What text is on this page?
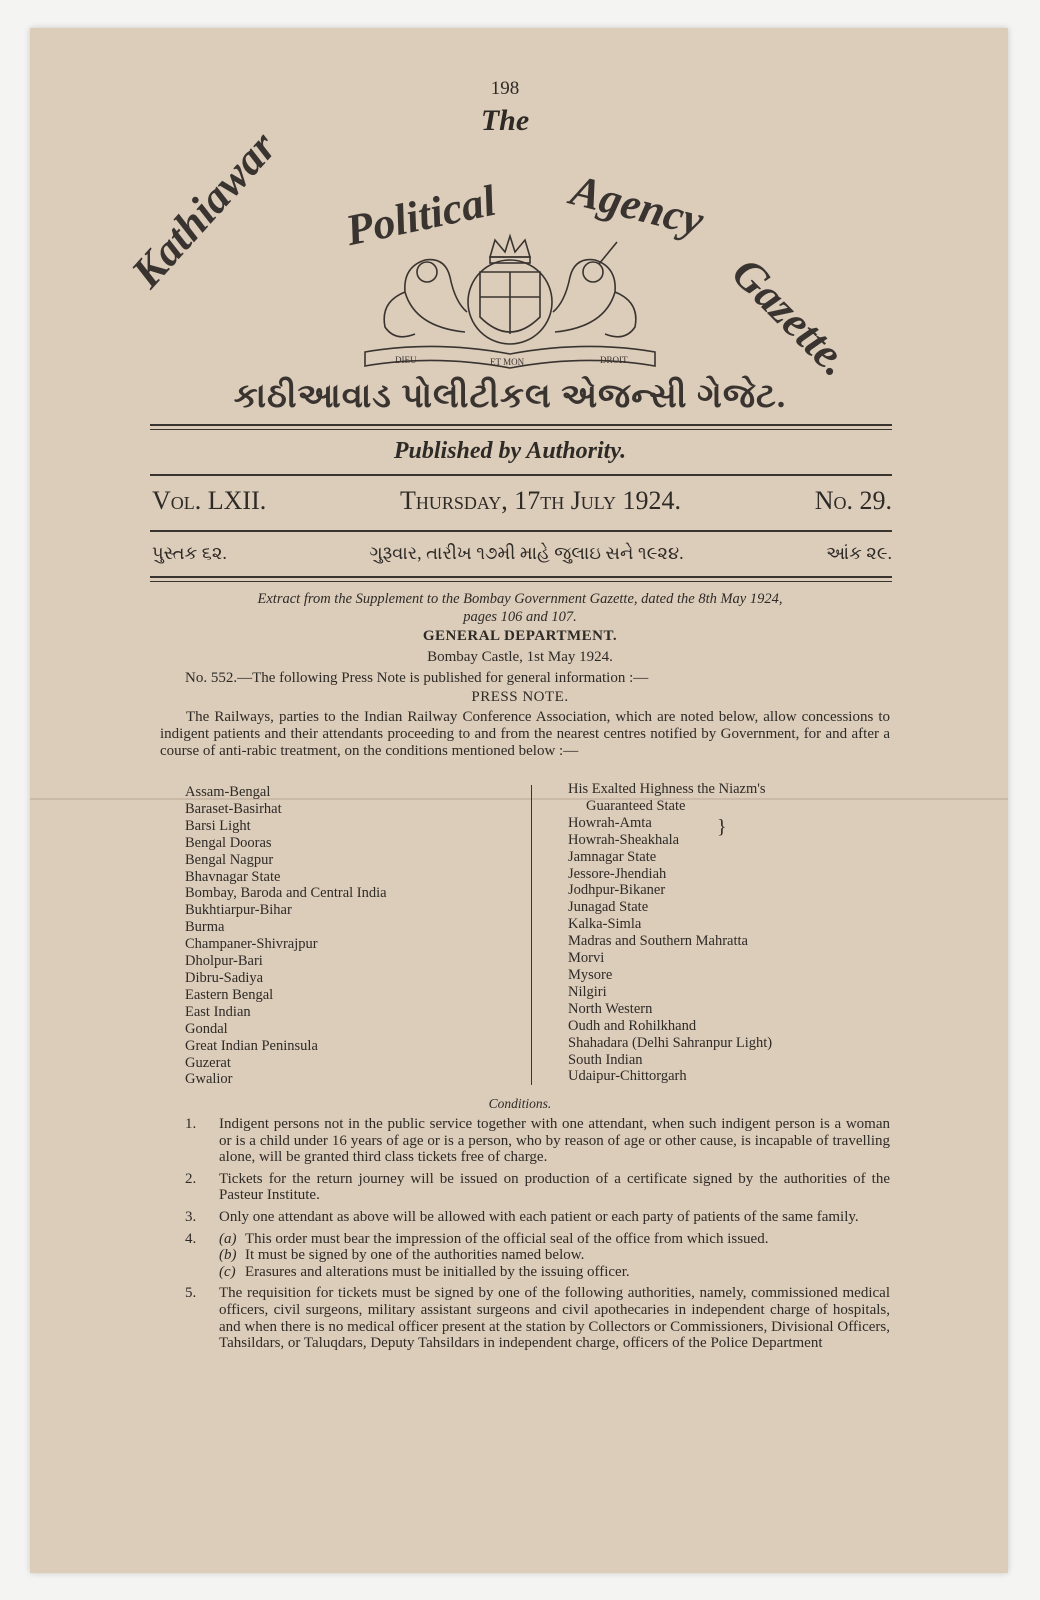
198
The
Kathiawar Political Agency
Gazette.
DIEU	ET MON	DROIT
કાઠીઆવાડ પોલીટીકલ એજન્સી ગેજેટ.
Published by Authority.
Vol. LXII.	Thursday, 17th July 1924.	No. 29.
પુસ્તક ૬૨.	ગુરૂવાર, તારીખ ૧૭મી માહે જુલાઇ સને ૧૯૨૪.	આંક ૨૯.
Extract from the Supplement to the Bombay Government Gazette, dated the 8th May 1924,
pages 106 and 107.
GENERAL DEPARTMENT.
Bombay Castle, 1st May 1924.
No. 552.—The following Press Note is published for general information :—
PRESS NOTE.
The Railways, parties to the Indian Railway Conference Association, which are noted below, allow concessions to indigent patients and their attendants proceeding to and from the nearest centres notified by Government, for and after a course of anti-rabic treatment, on the conditions mentioned below :—
Assam-Bengal
Baraset-Basirhat
Barsi Light
Bengal Dooras
Bengal Nagpur
Bhavnagar State
Bombay, Baroda and Central India
Bukhtiarpur-Bihar
Burma
Champaner-Shivrajpur
Dholpur-Bari
Dibru-Sadiya
Eastern Bengal
East Indian
Gondal
Great Indian Peninsula
Guzerat
Gwalior
His Exalted Highness the Niazm's
Guaranteed State
Howrah-Amta
Howrah-Sheakhala
Jamnagar State
Jessore-Jhendiah
Jodhpur-Bikaner
Junagad State
Kalka-Simla
Madras and Southern Mahratta
Morvi
Mysore
Nilgiri
North Western
Oudh and Rohilkhand
Shahadara (Delhi Sahranpur Light)
South Indian
Udaipur-Chittorgarh
}
Conditions.
1.	Indigent persons not in the public service together with one attendant, when such indigent person is a woman or is a child under 16 years of age or is a person, who by reason of age or other cause, is incapable of travelling alone, will be granted third class tickets free of charge.
2.	Tickets for the return journey will be issued on production of a certificate signed by the authorities of the Pasteur Institute.
3.	Only one attendant as above will be allowed with each patient or each party of patients of the same family.
4.	(a) This order must bear the impression of the official seal of the office from which issued.
(b) It must be signed by one of the authorities named below.
(c) Erasures and alterations must be initialled by the issuing officer.
5.	The requisition for tickets must be signed by one of the following authorities, namely, commissioned medical officers, civil surgeons, military assistant surgeons and civil apothecaries in independent charge of hospitals, and when there is no medical officer present at the station by Collectors or Commissioners, Divisional Officers, Tahsildars, or Taluqdars, Deputy Tahsildars in independent charge, officers of the Police Department
